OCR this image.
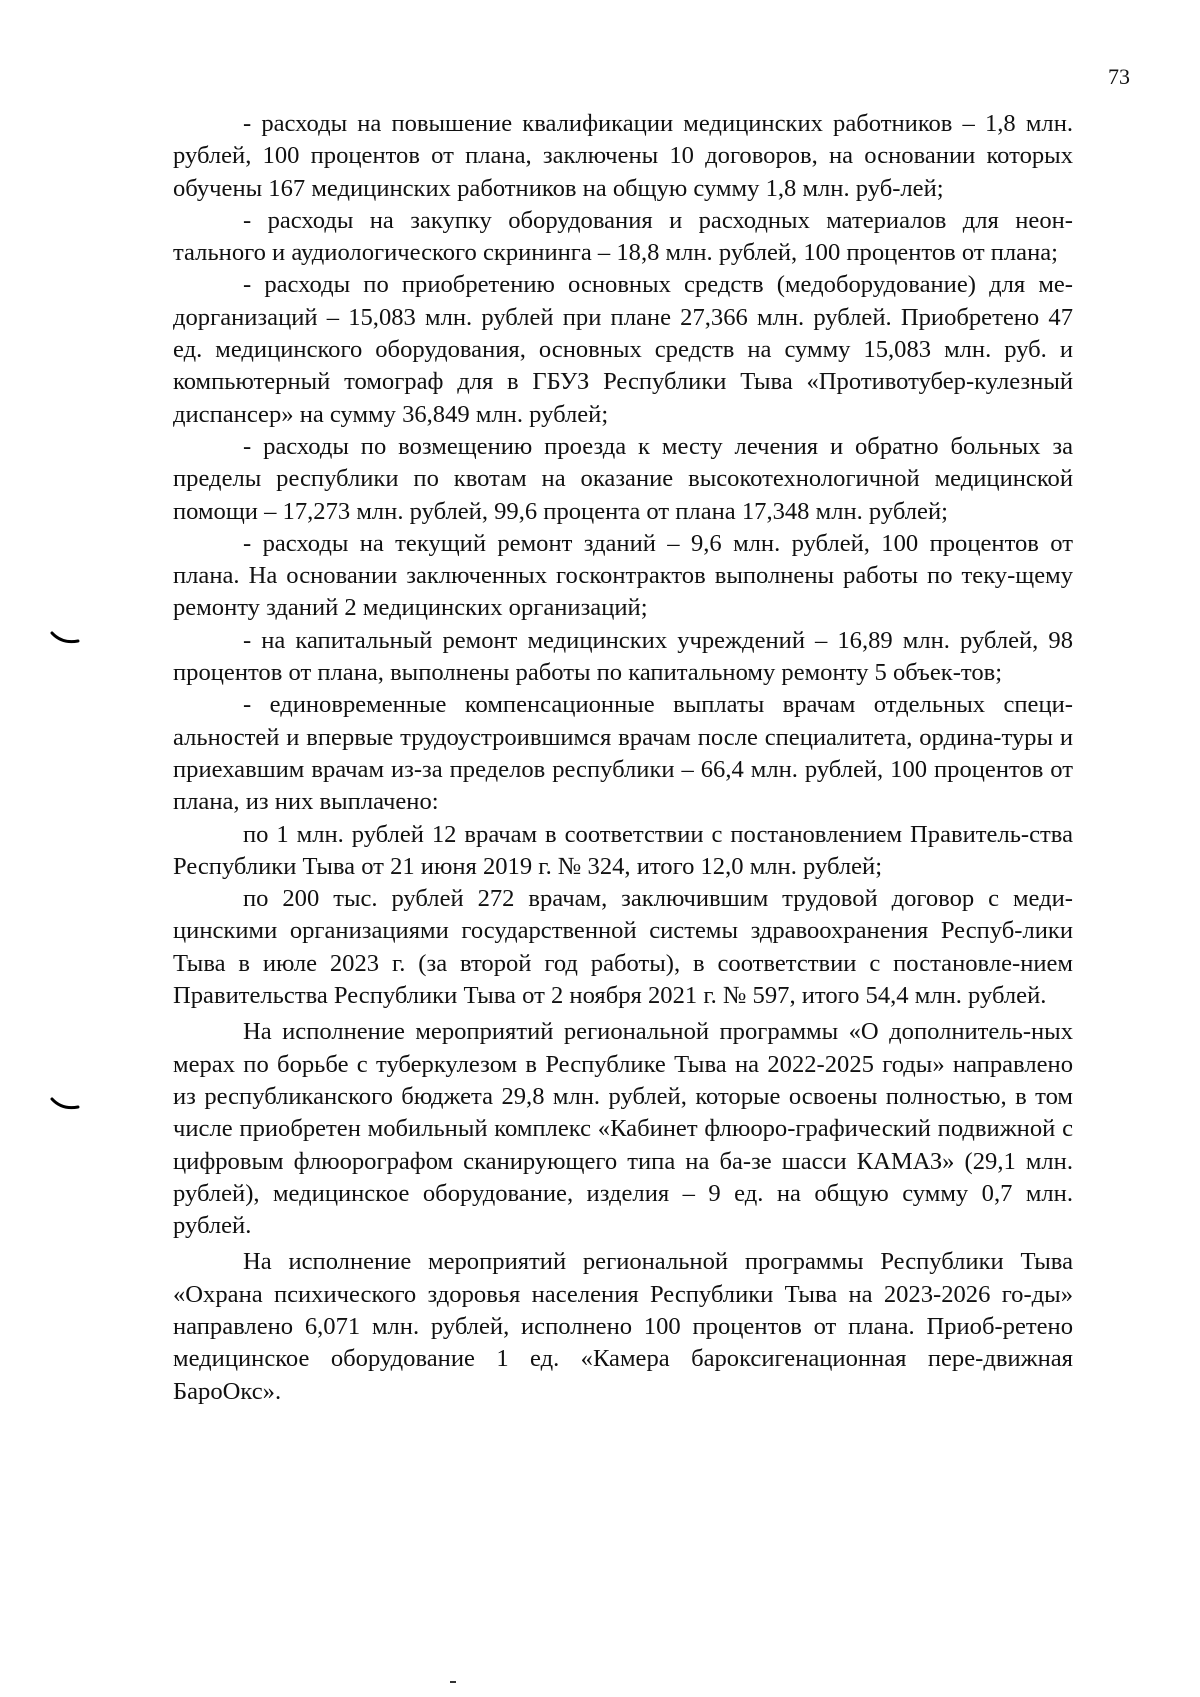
73

- расходы на повышение квалификации медицинских работников – 1,8 млн. рублей, 100 процентов от плана, заключены 10 договоров, на основании которых обучены 167 медицинских работников на общую сумму 1,8 млн. руб-лей;

- расходы на закупку оборудования и расходных материалов для неон-тального и аудиологического скрининга – 18,8 млн. рублей, 100 процентов от плана;

- расходы по приобретению основных средств (медоборудование) для ме-дорганизаций – 15,083 млн. рублей при плане 27,366 млн. рублей. Приобретено 47 ед. медицинского оборудования, основных средств на сумму 15,083 млн. руб. и компьютерный томограф для в ГБУЗ Республики Тыва «Противотубер-кулезный диспансер» на сумму 36,849 млн. рублей;

- расходы по возмещению проезда к месту лечения и обратно больных за пределы республики по квотам на оказание высокотехнологичной медицинской помощи – 17,273 млн. рублей, 99,6 процента от плана 17,348 млн. рублей;

- расходы на текущий ремонт зданий – 9,6 млн. рублей, 100 процентов от плана. На основании заключенных госконтрактов выполнены работы по теку-щему ремонту зданий 2 медицинских организаций;

- на капитальный ремонт медицинских учреждений – 16,89 млн. рублей, 98 процентов от плана, выполнены работы по капитальному ремонту 5 объек-тов;

- единовременные компенсационные выплаты врачам отдельных специ-альностей и впервые трудоустроившимся врачам после специалитета, ордина-туры и приехавшим врачам из-за пределов республики – 66,4 млн. рублей, 100 процентов от плана, из них выплачено:

по 1 млн. рублей 12 врачам в соответствии с постановлением Правитель-ства Республики Тыва от 21 июня 2019 г. № 324, итого 12,0 млн. рублей;

по 200 тыс. рублей 272 врачам, заключившим трудовой договор с меди-цинскими организациями государственной системы здравоохранения Респуб-лики Тыва в июле 2023 г. (за второй год работы), в соответствии с постановле-нием Правительства Республики Тыва от 2 ноября 2021 г. № 597, итого 54,4 млн. рублей.

На исполнение мероприятий региональной программы «О дополнитель-ных мерах по борьбе с туберкулезом в Республике Тыва на 2022-2025 годы» направлено из республиканского бюджета 29,8 млн. рублей, которые освоены полностью, в том числе приобретен мобильный комплекс «Кабинет флюоро-графический подвижной с цифровым флюорографом сканирующего типа на ба-зе шасси КАМАЗ» (29,1 млн. рублей), медицинское оборудование, изделия – 9 ед. на общую сумму 0,7 млн. рублей.

На исполнение мероприятий региональной программы Республики Тыва «Охрана психического здоровья населения Республики Тыва на 2023-2026 го-ды» направлено 6,071 млн. рублей, исполнено 100 процентов от плана. Приоб-ретено медицинское оборудование 1 ед. «Камера бароксигенационная пере-движная БароОкс».
